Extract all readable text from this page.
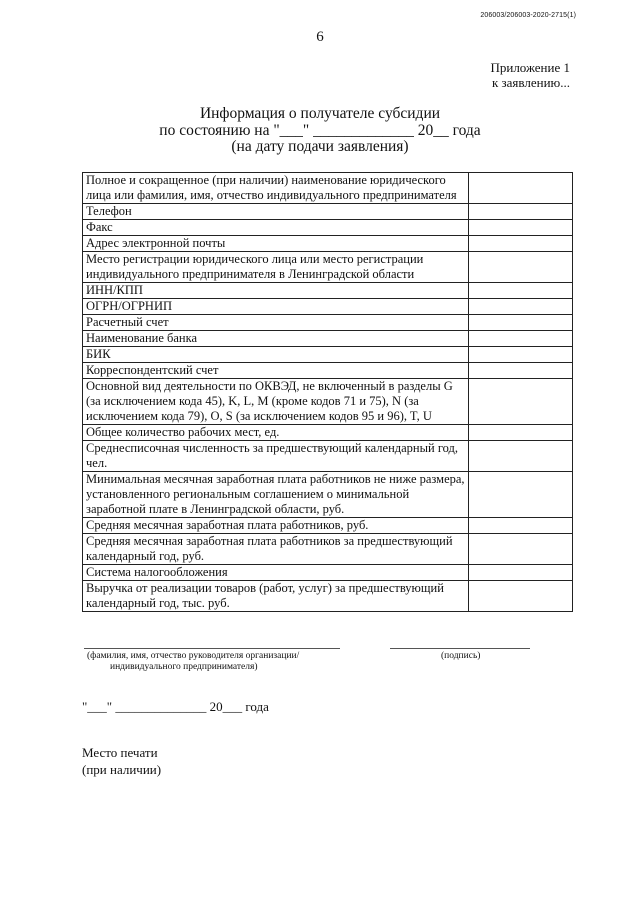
206003/206003-2020-2715(1)
6
Приложение 1
к заявлению...
Информация о получателе субсидии
по состоянию на "___" _____________ 20__ года
(на дату подачи заявления)
Полное и сокращенное (при наличии) наименование юридического лица или фамилия, имя, отчество индивидуального предпринимателя	
Телефон	
Факс	
Адрес электронной почты	
Место регистрации юридического лица или место регистрации индивидуального предпринимателя в Ленинградской области	
ИНН/КПП	
ОГРН/ОГРНИП	
Расчетный счет	
Наименование банка	
БИК	
Корреспондентский счет	
Основной вид деятельности по ОКВЭД, не включенный в разделы G (за исключением кода 45), K, L, M (кроме кодов 71 и 75), N (за исключением кода 79), O, S (за исключением кодов 95 и 96), T, U	
Общее количество рабочих мест, ед.	
Среднесписочная численность за предшествующий календарный год, чел.	
Минимальная месячная заработная плата работников не ниже размера, установленного региональным соглашением о минимальной заработной плате в Ленинградской области, руб.	
Средняя месячная заработная плата работников, руб.	
Средняя месячная заработная плата работников за предшествующий календарный год, руб.	
Система налогообложения	
Выручка от реализации товаров (работ, услуг) за предшествующий календарный год, тыс. руб.	
(фамилия, имя, отчество руководителя организации/
индивидуального предпринимателя)
(подпись)
"___" ______________ 20___ года
Место печати
(при наличии)
